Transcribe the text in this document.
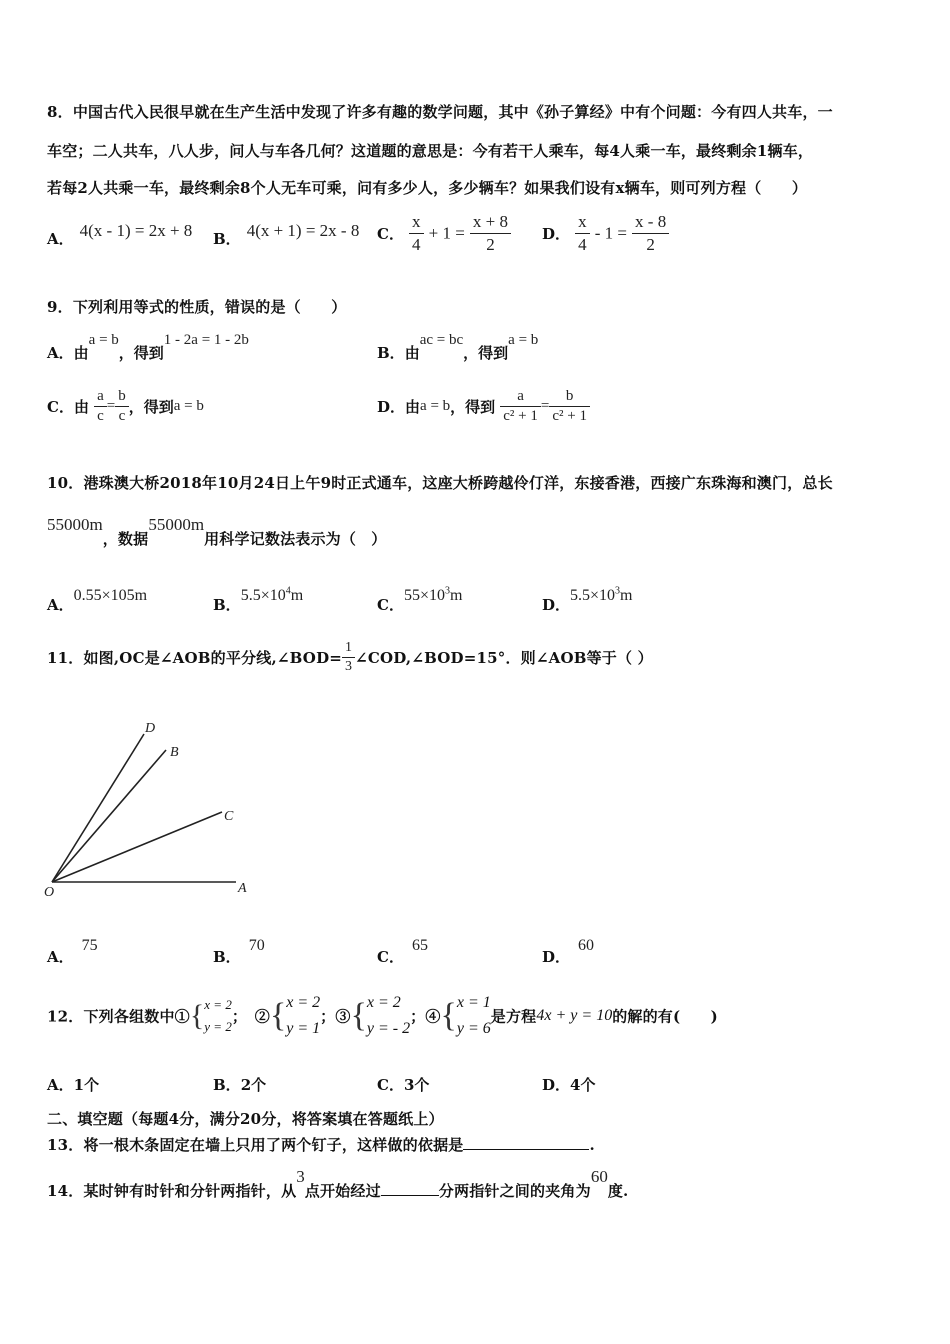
8．中国古代入民很早就在生产生活中发现了许多有趣的数学问题，其中《孙子算经》中有个问题：今有四人共车，一
车空；二人共车，八人步，问人与车各几何？这道题的意思是：今有若干人乘车，每4人乘一车，最终剩余1辆车，
若每2人共乘一车，最终剩余8个人无车可乘，问有多少人，多少辆车？如果我们设有x辆车，则可列方程（　　）
A． 4(x - 1) = 2x + 8 B． 4(x + 1) = 2x - 8 C． $\frac{x}{4} + 1 = \frac{x + 8}{2}$ D． $\frac{x}{4} - 1 = \frac{x - 8}{2}$
9．下列利用等式的性质，错误的是（　　）
A．由a = b，得到1 - 2a = 1 - 2b
B．由ac = bc，得到a = b
C．由 $\frac{a}{c} = \frac{b}{c}$ ，得到a = b	D．由a = b，得到 $\frac{a}{\text{c² + 1}} = \frac{b}{\text{c² + 1}}$
10．港珠澳大桥2018年10月24日上午9时正式通车，这座大桥跨越伶仃洋，东接香港，西接广东珠海和澳门，总长
55000m，数据55000m用科学记数法表示为（　）
A．0.55×105m
B．$5.5\times 10^4m$
C．$55\times 10^3m$
D．$5.5\times 10^3m$
11．如图,OC是∠AOB的平分线,∠BOD= $\frac{1}{3}$ ∠COD,∠BOD=15°．则∠AOB等于（ ）
D
B
C
O	A
A．75
B．70
C．65
D．60
12．下列各组数中①{ x = 2
y = 2
；　②{ x = 2
y = 1
；③{ x = 2
y = - 2
；④{ x = 1
y = 6
是方程4x + y = 10的解的有(　　)
A．1个	B．2个	C．3个	D．4个
二、填空题（每题4分，满分20分，将答案填在答题纸上）
13．将一根木条固定在墙上只用了两个钉子，这样做的依据是	.
14．某时钟有时针和分针两指针，从3点开始经过	分两指针之间的夹角为60度.
